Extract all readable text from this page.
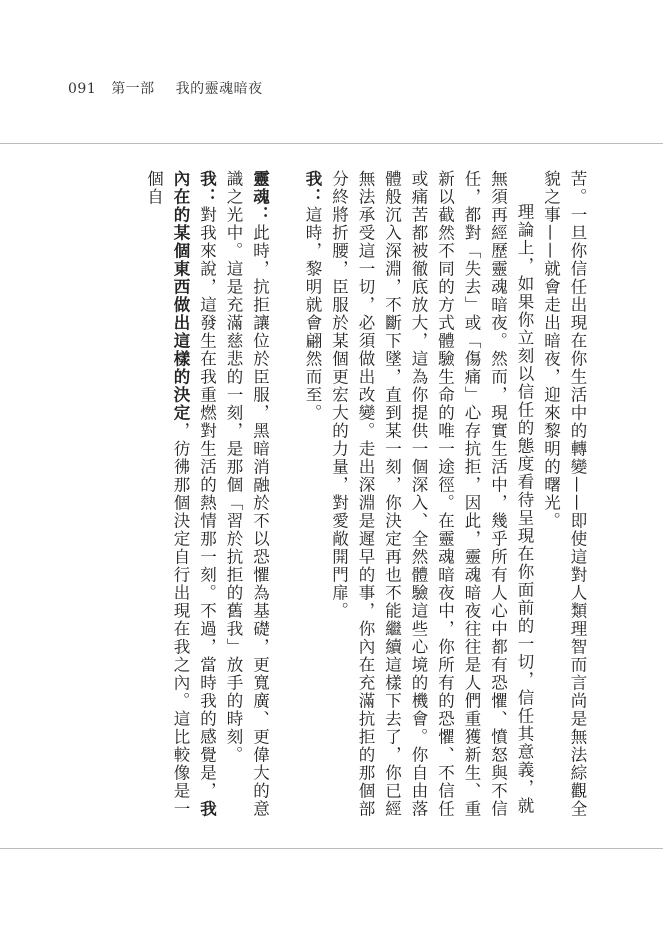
091 第一部 我的靈魂暗夜

苦。一旦你信任出現在你生活中的轉變——即使這對人類理智而言尚是無法綜觀全貌之事——就會走出暗夜，迎來黎明的曙光。

理論上，如果你立刻以信任的態度看待呈現在你面前的一切，信任其意義，就無須再經歷靈魂暗夜。然而，現實生活中，幾乎所有人心中都有恐懼、憤怒與不信任，都對「失去」或「傷痛」心存抗拒，因此，靈魂暗夜往往是人們重獲新生、重新以截然不同的方式體驗生命的唯一途徑。在靈魂暗夜中，你所有的恐懼、不信任或痛苦都被徹底放大，這為你提供一個深入、全然體驗這些心境的機會。你自由落體般沉入深淵，不斷下墜，直到某一刻，你決定再也不能繼續這樣下去了，你已經無法承受這一切，必須做出改變。走出深淵是遲早的事，你內在充滿抗拒的那個部分終將折腰，臣服於某個更宏大的力量，對愛敞開門扉。

我：這時，黎明就會翩然而至。

靈魂：此時，抗拒讓位於臣服，黑暗消融於不以恐懼為基礎，更寬廣、更偉大的意識之光中。這是充滿慈悲的一刻，是那個「習於抗拒的舊我」放手的時刻。

我：對我來說，這發生在我重燃對生活的熱情那一刻。不過，當時我的感覺是，我內在的某個東西做出這樣的決定，彷彿那個決定自行出現在我之內。這比較像是一個自
